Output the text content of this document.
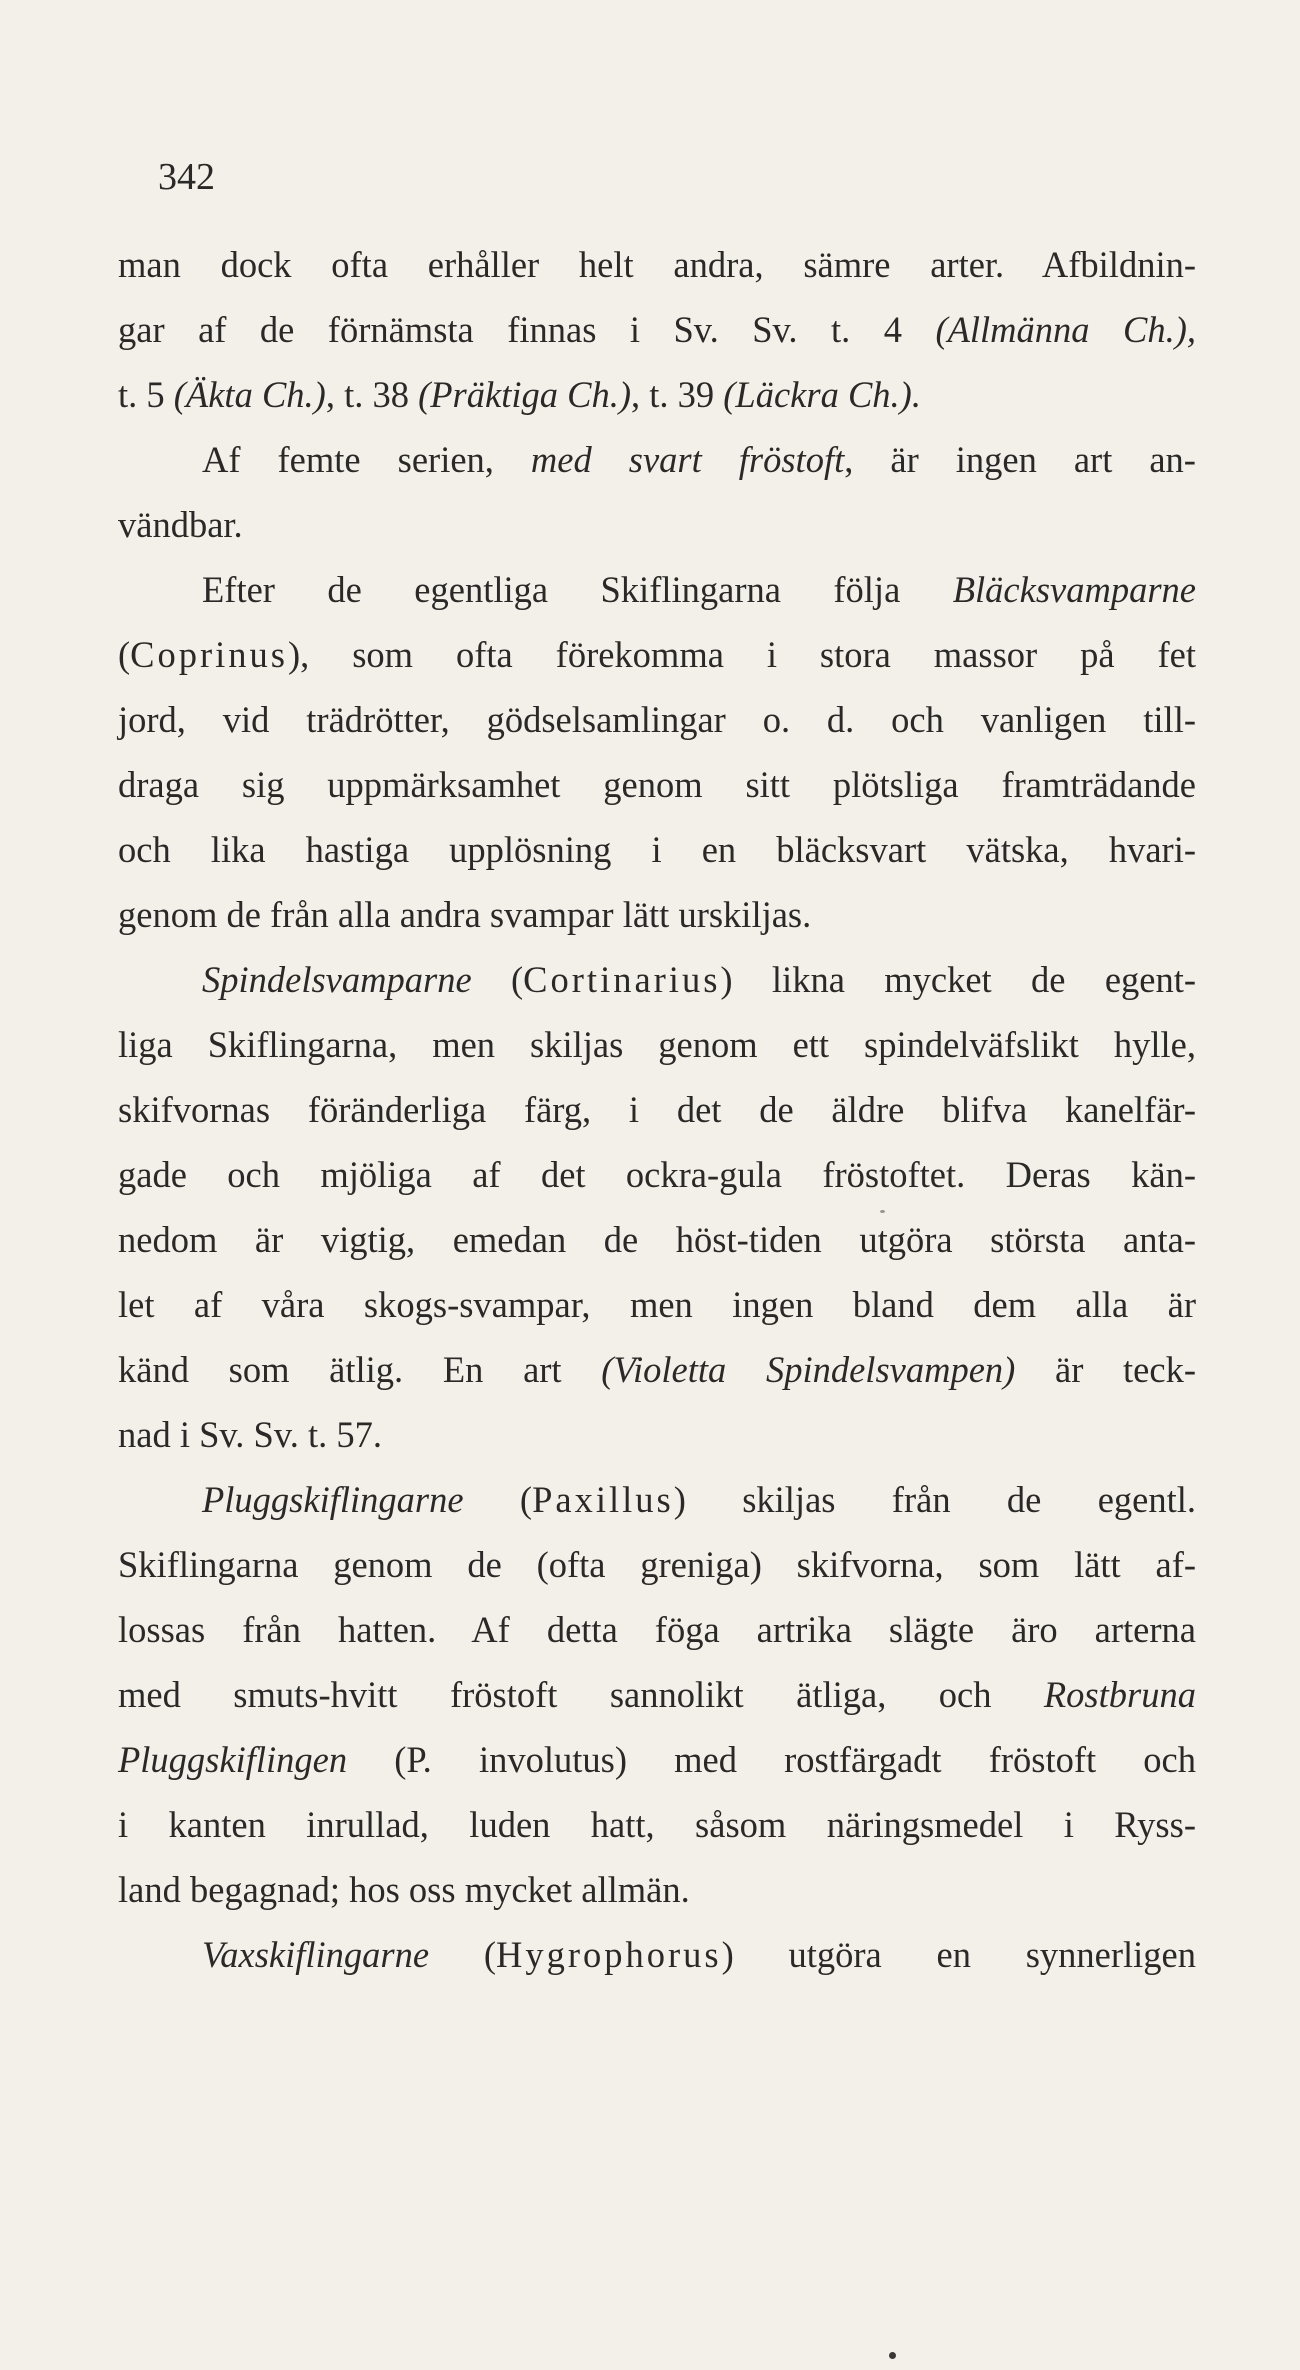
342
man dock ofta erhåller helt andra, sämre arter. Afbildnin-
gar af de förnämsta finnas i Sv. Sv. t. 4 (Allmänna Ch.),
t. 5 (Äkta Ch.), t. 38 (Präktiga Ch.), t. 39 (Läckra Ch.).
Af femte serien, med svart fröstoft, är ingen art an-
vändbar.
Efter de egentliga Skiflingarna följa Bläcksvamparne
(Coprinus), som ofta förekomma i stora massor på fet
jord, vid trädrötter, gödselsamlingar o. d. och vanligen till-
draga sig uppmärksamhet genom sitt plötsliga framträdande
och lika hastiga upplösning i en bläcksvart vätska, hvari-
genom de från alla andra svampar lätt urskiljas.
Spindelsvamparne (Cortinarius) likna mycket de egent-
liga Skiflingarna, men skiljas genom ett spindelväfslikt hylle,
skifvornas föränderliga färg, i det de äldre blifva kanelfär-
gade och mjöliga af det ockra-gula fröstoftet. Deras kän-
nedom är vigtig, emedan de höst-tiden utgöra största anta-
let af våra skogs-svampar, men ingen bland dem alla är
känd som ätlig. En art (Violetta Spindelsvampen) är teck-
nad i Sv. Sv. t. 57.
Pluggskiflingarne (Paxillus) skiljas från de egentl.
Skiflingarna genom de (ofta greniga) skifvorna, som lätt af-
lossas från hatten. Af detta föga artrika slägte äro arterna
med smuts-hvitt fröstoft sannolikt ätliga, och Rostbruna
Pluggskiflingen (P. involutus) med rostfärgadt fröstoft och
i kanten inrullad, luden hatt, såsom näringsmedel i Ryss-
land begagnad; hos oss mycket allmän.
Vaxskiflingarne (Hygrophorus) utgöra en synnerligen
